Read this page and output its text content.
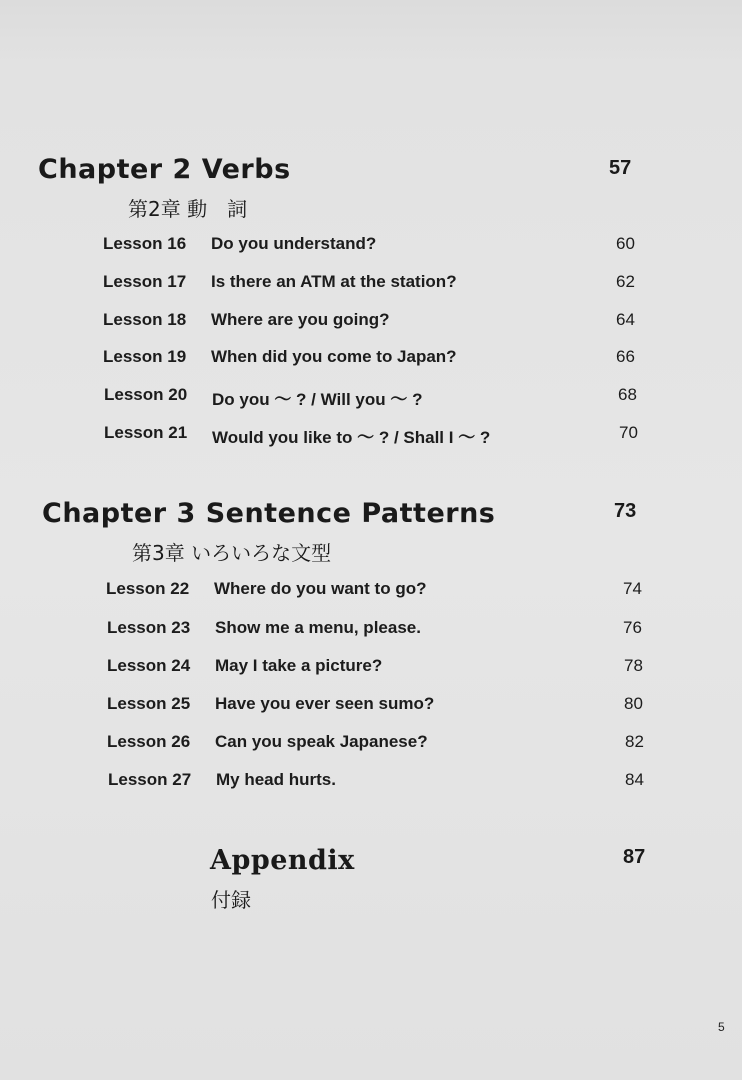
Chapter 2 Verbs	57
第2章 動　詞
Lesson 16 Do you understand?	60
Lesson 17 Is there an ATM at the station?	62
Lesson 18 Where are you going?	64
Lesson 19 When did you come to Japan?	66
Lesson 20 Do you ～ ? / Will you ～ ?	68
Lesson 21 Would you like to ～ ? / Shall I ～ ?	70
Chapter 3 Sentence Patterns	73
第3章 いろいろな文型
Lesson 22 Where do you want to go?	74
Lesson 23 Show me a menu, please.	76
Lesson 24 May I take a picture?	78
Lesson 25 Have you ever seen sumo?	80
Lesson 26 Can you speak Japanese?	82
Lesson 27 My head hurts.	84
Appendix	87
付録
5
